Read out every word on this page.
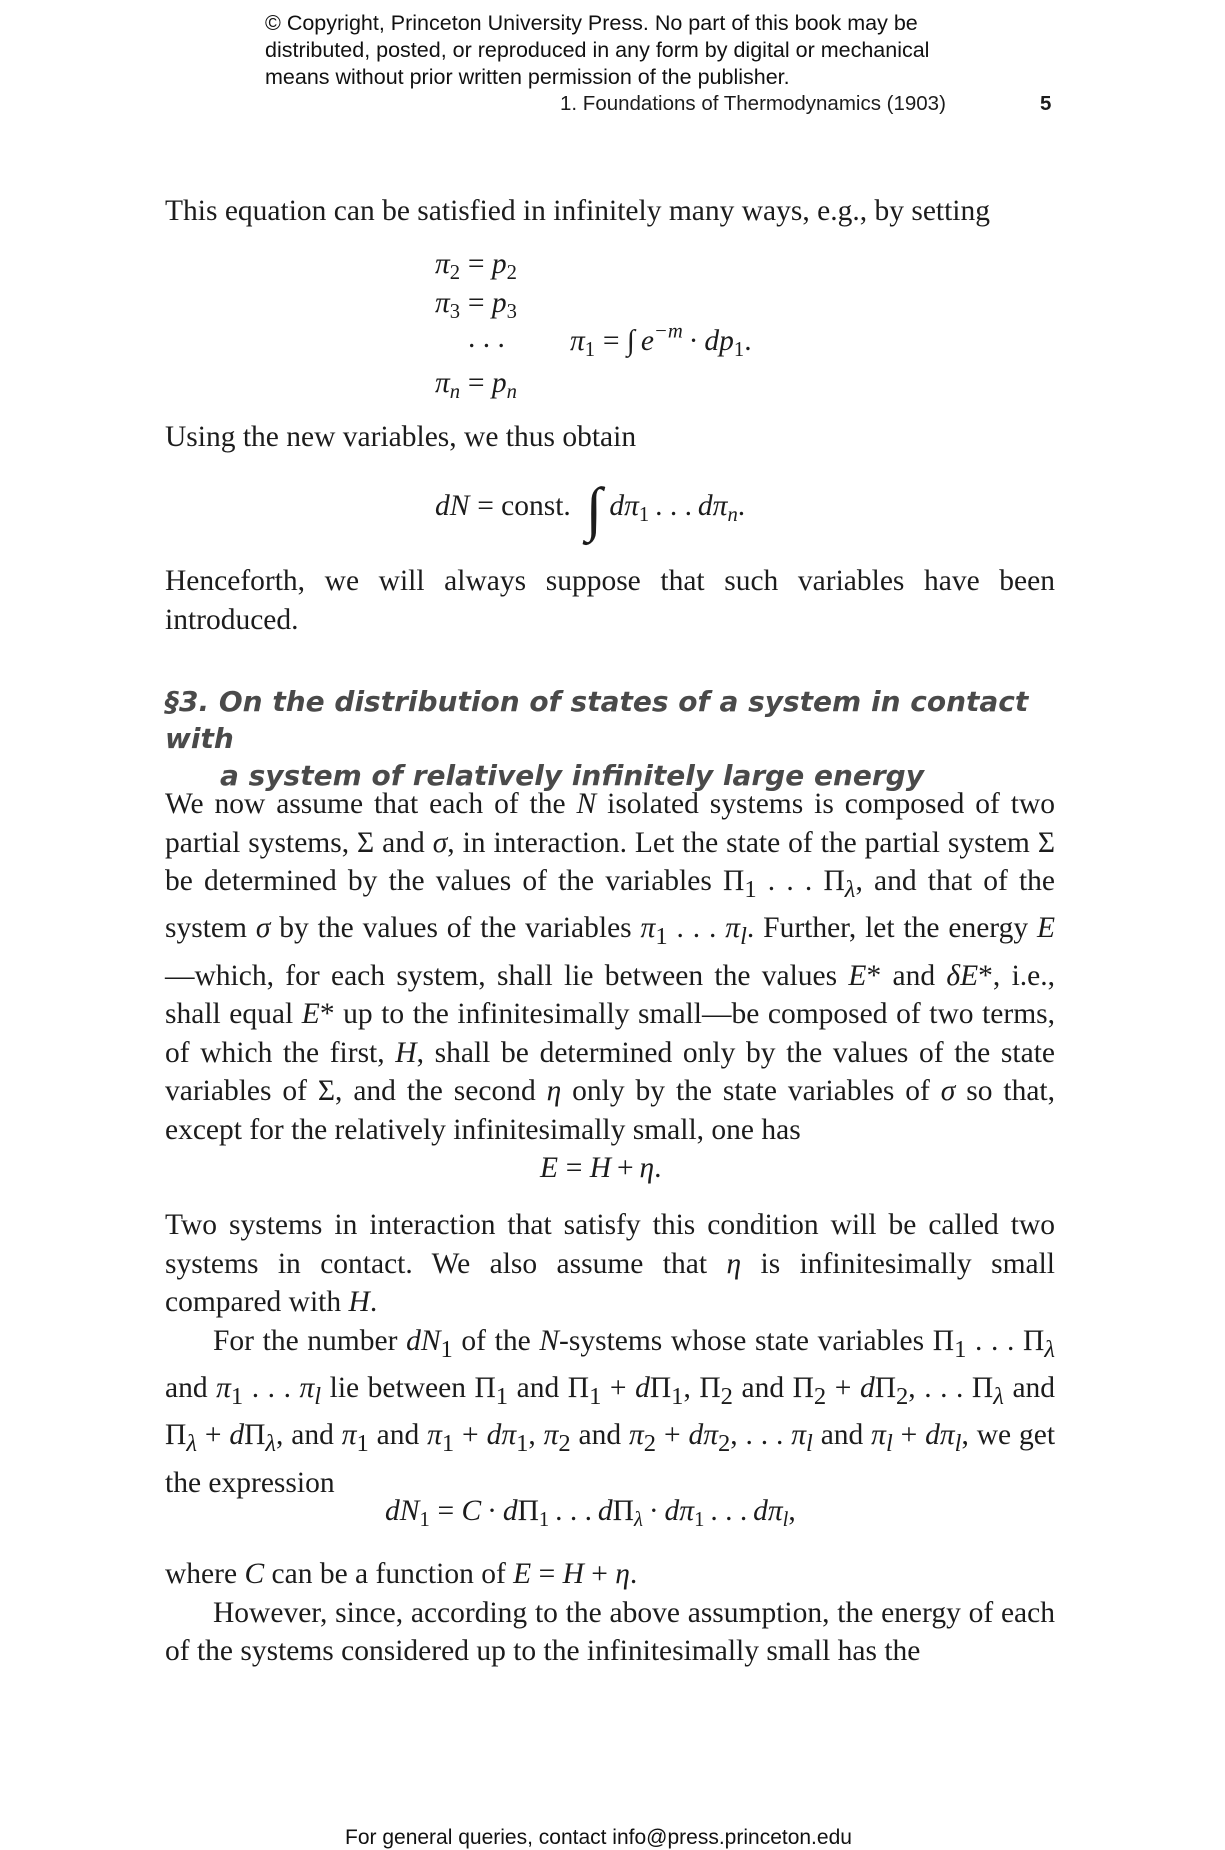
© Copyright, Princeton University Press. No part of this book may be
distributed, posted, or reproduced in any form by digital or mechanical
means without prior written permission of the publisher.
1. Foundations of Thermodynamics (1903)	5

This equation can be satisfied in infinitely many ways, e.g., by setting

$\pi_2 = p_2$
$\pi_3 = p_3$
. . . $\pi_1$ = ∫  $e^{-m} \cdot dp_1$.
$\pi_n = p_n$

Using the new variables, we thus obtain

dN = const. ∫ $d\pi_1$  . . .  $d\pi_n$.

Henceforth, we will always suppose that such variables have been introduced.

§3. On the distribution of states of a system in contact with
a system of relatively infinitely large energy

We now assume that each of the N isolated systems is composed of two partial systems, Σ and σ, in interaction. Let the state of the partial system Σ be determined by the values of the variables $\Pi_1$ . . . $\Pi_\lambda$, and that of the system σ by the values of the variables $\pi_1$ . . . $\pi_l$. Further, let the energy E—which, for each system, shall lie between the values E* and δE*, i.e., shall equal E* up to the infinitesimally small—be composed of two terms, of which the first, H, shall be determined only by the values of the state variables of Σ, and the second η only by the state variables of σ so that, except for the relatively infinitesimally small, one has

E = H  +  η.

Two systems in interaction that satisfy this condition will be called two systems in contact. We also assume that η is infinitesimally small compared with H.

For the number $dN_1$ of the N-systems whose state variables $\Pi_1$ . . . $\Pi_\lambda$ and $\pi_1$ . . . $\pi_l$ lie between $\Pi_1$ and $\Pi_1 + d\Pi_1$, $\Pi_2$ and $\Pi_2 + d\Pi_2$, . . . $\Pi_\lambda$ and $\Pi_\lambda + d\Pi_\lambda$, and $\pi_1$ and $\pi_1 + d\pi_1$, $\pi_2$ and $\pi_2 + d\pi_2$, . . . $\pi_l$ and $\pi_l + d\pi_l$, we get the expression

$dN_1 = C \cdot d\Pi_1$  . . .  $d\Pi_\lambda \cdot d\pi_1$  . . .  $d\pi_l$,

where C can be a function of E = H + η.

However, since, according to the above assumption, the energy of each of the systems considered up to the infinitesimally small has the

For general queries, contact info@press.princeton.edu
